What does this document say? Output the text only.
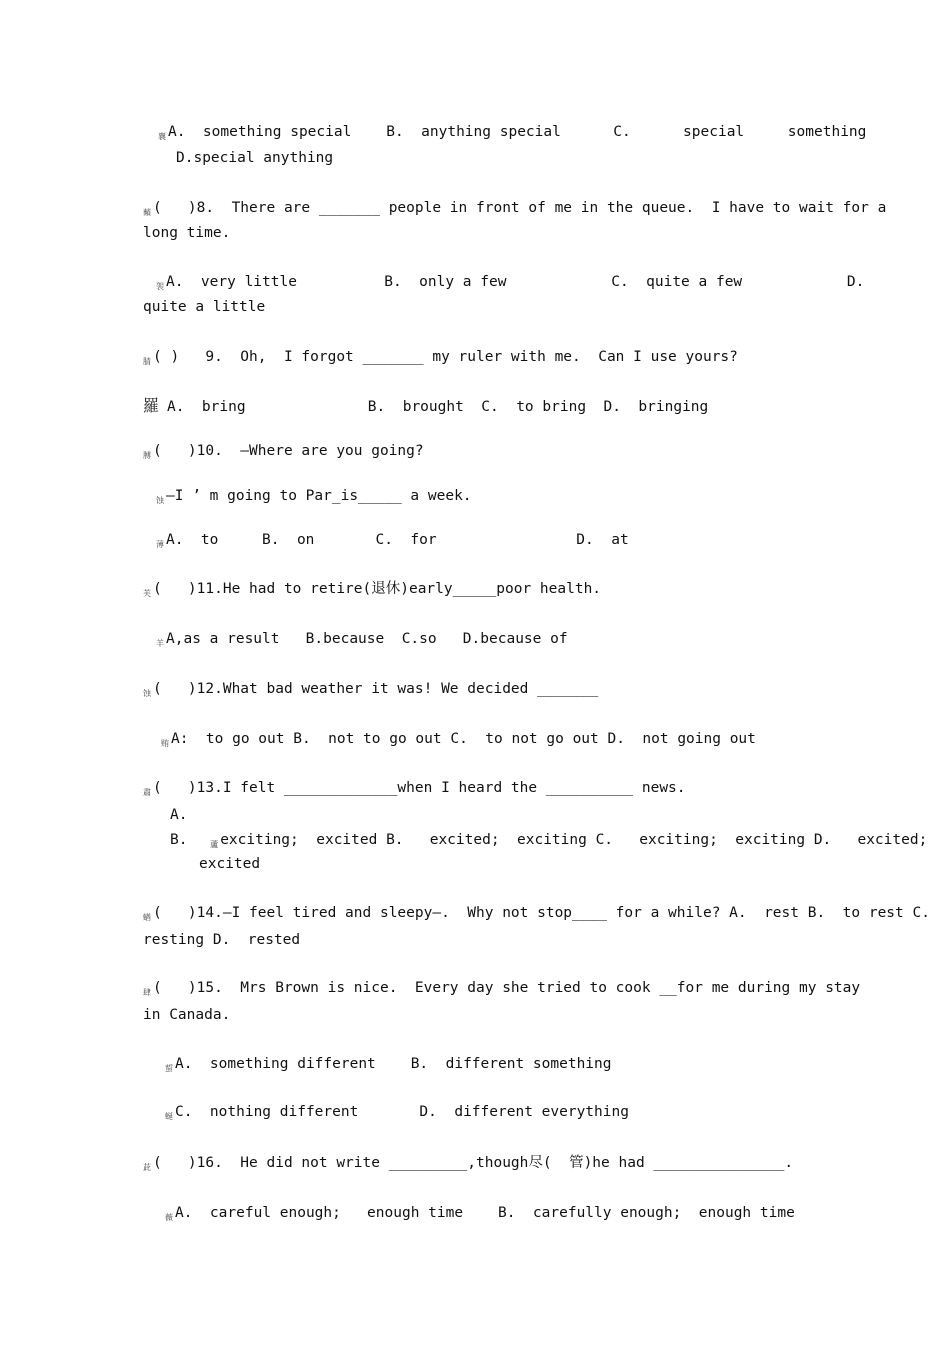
$_襄$ A.  something special    B.  anything special      C.      special     something
D.special anything
$_蘱$ (   )8.  There are _______ people in front of me in the queue.  I have to wait for a
long time.
$_袈$ A.  very little          B.  only a few            C.  quite a few            D.
quite a little
$_腈$ ( )   9.  Oh,  I forgot _______ my ruler with me.  Can I use yours?
羅 A.  bring              B.  brought  C.  to bring  D.  bringing
$_膊$ (   )10.  —Where are you going?
$_蚀$ —I ’ m going to Par_is_____ a week.
$_薄$ A.  to     B.  on       C.  for                D.  at
$_芙$ (   )11.He had to retire(退休)early_____poor health.
$_羊$ A,as a result   B.because  C.so   D.because of
$_蚀$ (   )12.What bad weather it was! We decided _______
$_贿$ A:  to go out B.  not to go out C.  to not go out D.  not going out
$_肅$ (   )13.I felt _____________when I heard the __________ news.
A.
B.	$_蘆$ exciting;  excited B.   excited;  exciting C.   exciting;  exciting D.   excited;
excited
$_蝤$ (   )14.—I feel tired and sleepy—.  Why not stop____ for a while? A.  rest B.  to rest C.
resting D.  rested
$_肆$ (   )15.  Mrs Brown is nice.  Every day she tried to cook __for me during my stay
in Canada.
$_蜇$ A.  something different    B.  different something
$_蜒$ C.  nothing different       D.  different everything
$_茈$ (   )16.  He did not write _________,though尽(  管)he had _______________.
$_薇$ A.  careful enough;   enough time    B.  carefully enough;  enough time
